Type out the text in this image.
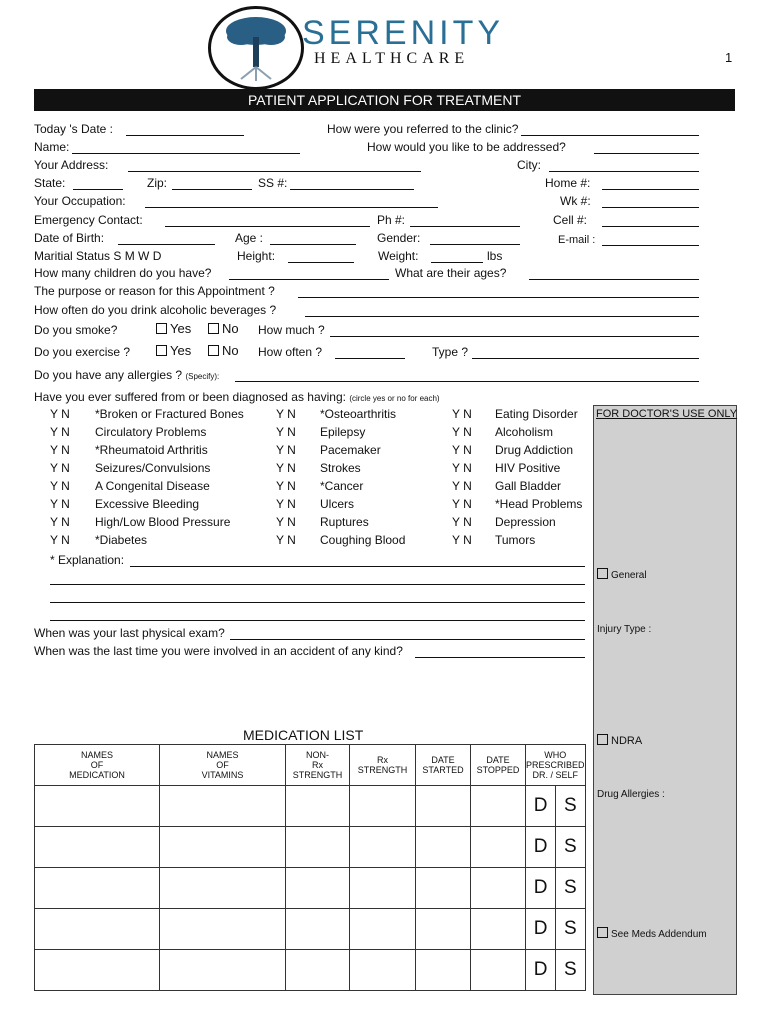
SERENITY
HEALTHCARE	1
PATIENT APPLICATION FOR TREATMENT
Today 's Date :	How were you referred to the clinic?
Name:	How would you like to be addressed?
Your Address:	City:
State:	Zip:	SS #:	Home #:
Your Occupation:	Wk #:
Emergency Contact:	Ph #:	Cell #:
Date of Birth:	Age :	Gender:	E-mail :
Maritial Status S M W D	Height:	Weight:	lbs
How many children do you have?	What are their ages?
The purpose or reason for this Appointment ?
How often do you drink alcoholic beverages ?
Do you smoke?	Yes	No How much ?
Do you exercise ?	Yes	No How often ?	Type ?
Do you have any allergies ? (Specify):
Have you ever suffered from or been diagnosed as having: (circle yes or no for each)
Y N *Broken or Fractured Bones	Y N *Osteoarthritis	Y N Eating Disorder
Y N Circulatory Problems	Y N Epilepsy	Y N Alcoholism
Y N *Rheumatoid Arthritis	Y N Pacemaker	Y N Drug Addiction
Y N Seizures/Convulsions	Y N Strokes	Y N HIV Positive
Y N A Congenital Disease	Y N *Cancer	Y N Gall Bladder
Y N Excessive Bleeding	Y N Ulcers	Y N *Head Problems
Y N High/Low Blood Pressure	Y N Ruptures	Y N Depression
Y N *Diabetes	Y N Coughing Blood	Y N Tumors
* Explanation:
When was your last physical exam?
When was the last time you were involved in an accident of any kind?
FOR DOCTOR'S USE ONLY
General
Injury Type :
NDRA
Drug Allergies :
See Meds Addendum
MEDICATION LIST
NAMES
OF
MEDICATION	NAMES
OF
VITAMINS	NON-
Rx
STRENGTH	Rx
STRENGTH	DATE
STARTED	DATE
STOPPED	WHO
PRESCRIBED
DR. / SELF	
						D	S
						D	S
						D	S
						D	S
						D	S
